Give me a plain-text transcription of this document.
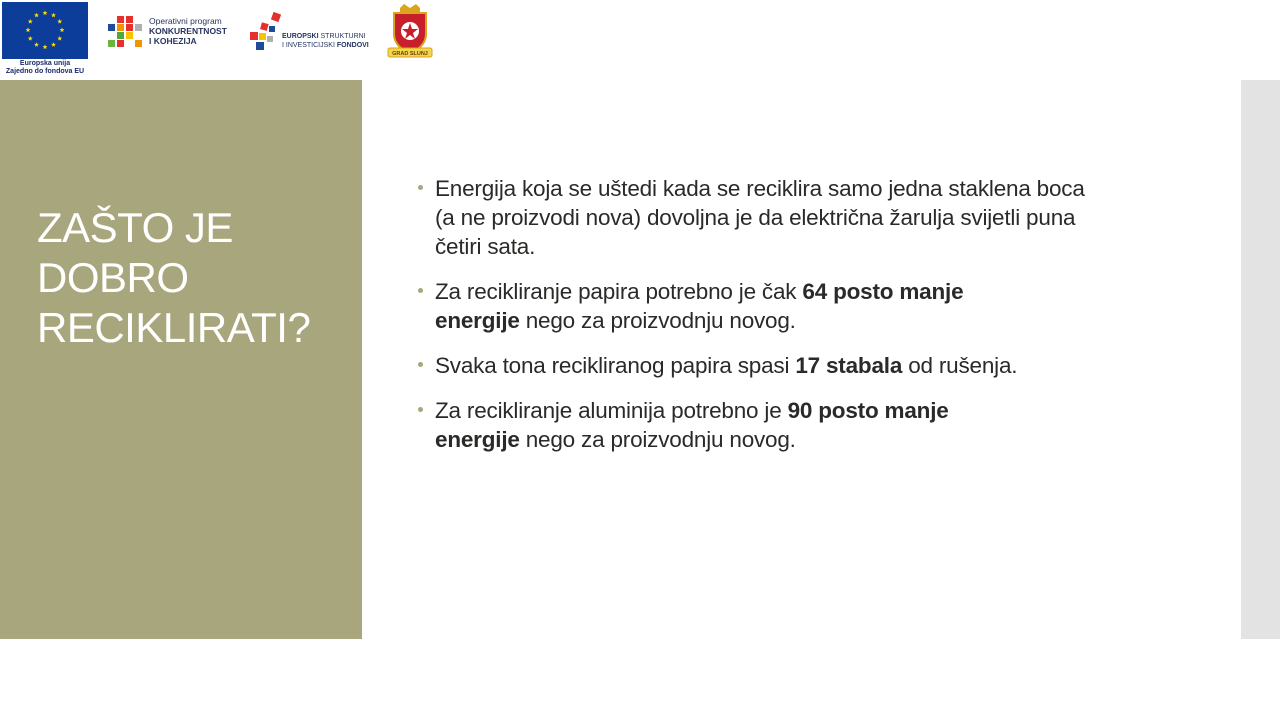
Europska unija
Zajedno do fondova EU
Operativni program
KONKURENTNOST
I KOHEZIJA	EUROPSKI STRUKTURNI
I INVESTICIJSKI FONDOVI
GRAD SLUNJ
ZAŠTO JE
DOBRO
RECIKLIRATI?
Energija koja se uštedi kada se reciklira samo jedna staklena boca
(a ne proizvodi nova) dovoljna je da električna žarulja svijetli puna
četiri sata.
Za recikliranje papira potrebno je čak 64 posto manje
energije nego za proizvodnju novog.
Svaka tona recikliranog papira spasi 17 stabala od rušenja.
Za recikliranje aluminija potrebno je 90 posto manje
energije nego za proizvodnju novog.
